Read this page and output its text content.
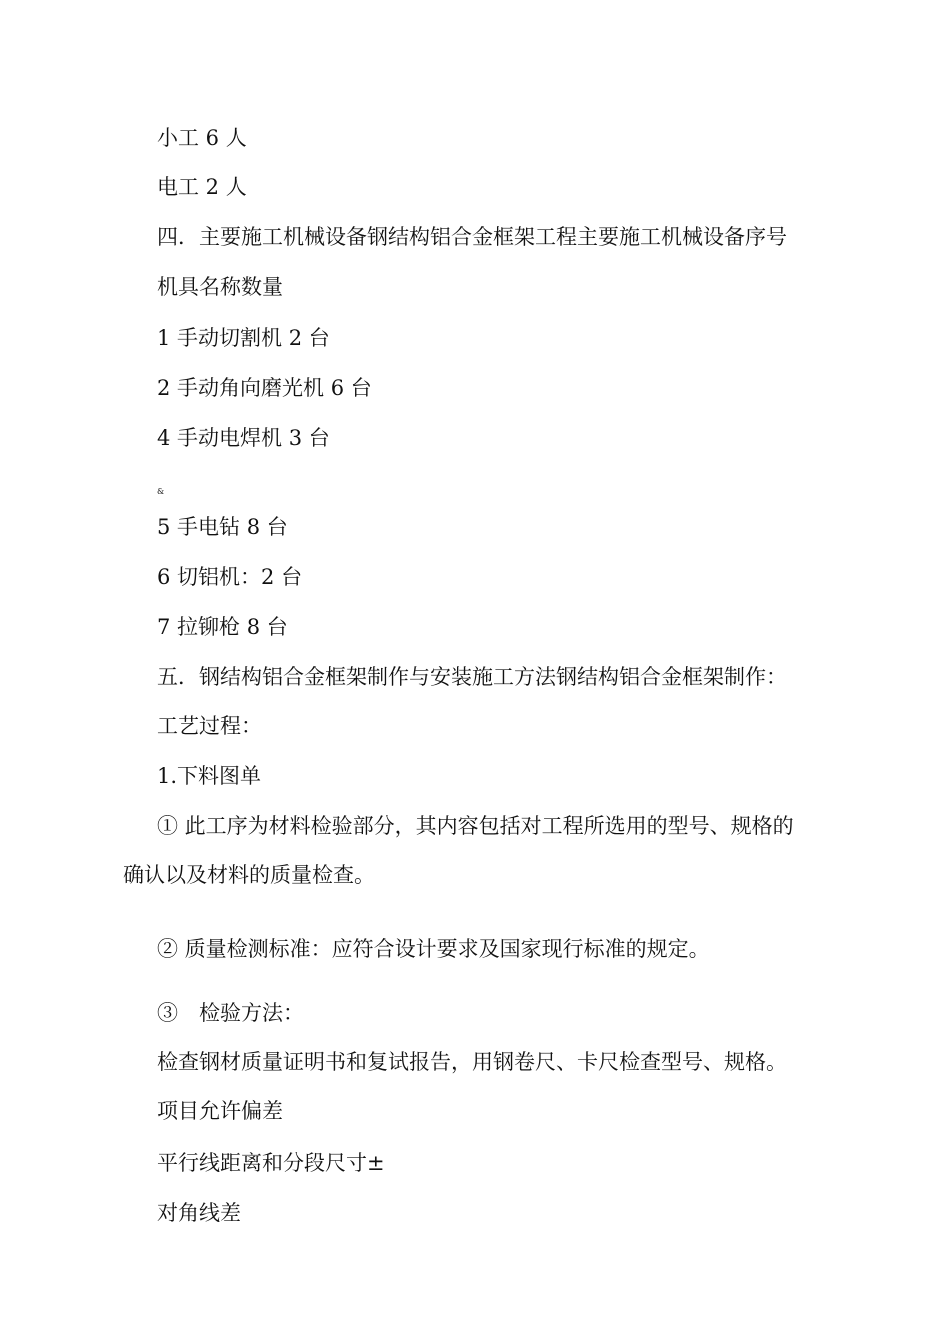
小工 6 人
电工 2 人
四．主要施工机械设备钢结构铝合金框架工程主要施工机械设备序号
机具名称数量
1 手动切割机 2 台
2 手动角向磨光机 6 台
4 手动电焊机 3 台
&
5 手电钻 8 台
6 切铝机：2 台
7 拉铆枪 8 台
五．钢结构铝合金框架制作与安装施工方法钢结构铝合金框架制作：
工艺过程：
1.下料图单
① 此工序为材料检验部分，其内容包括对工程所选用的型号、规格的
确认以及材料的质量检查。
② 质量检测标准：应符合设计要求及国家现行标准的规定。
③　检验方法：
检查钢材质量证明书和复试报告，用钢卷尺、卡尺检查型号、规格。
项目允许偏差
平行线距离和分段尺寸±
对角线差
